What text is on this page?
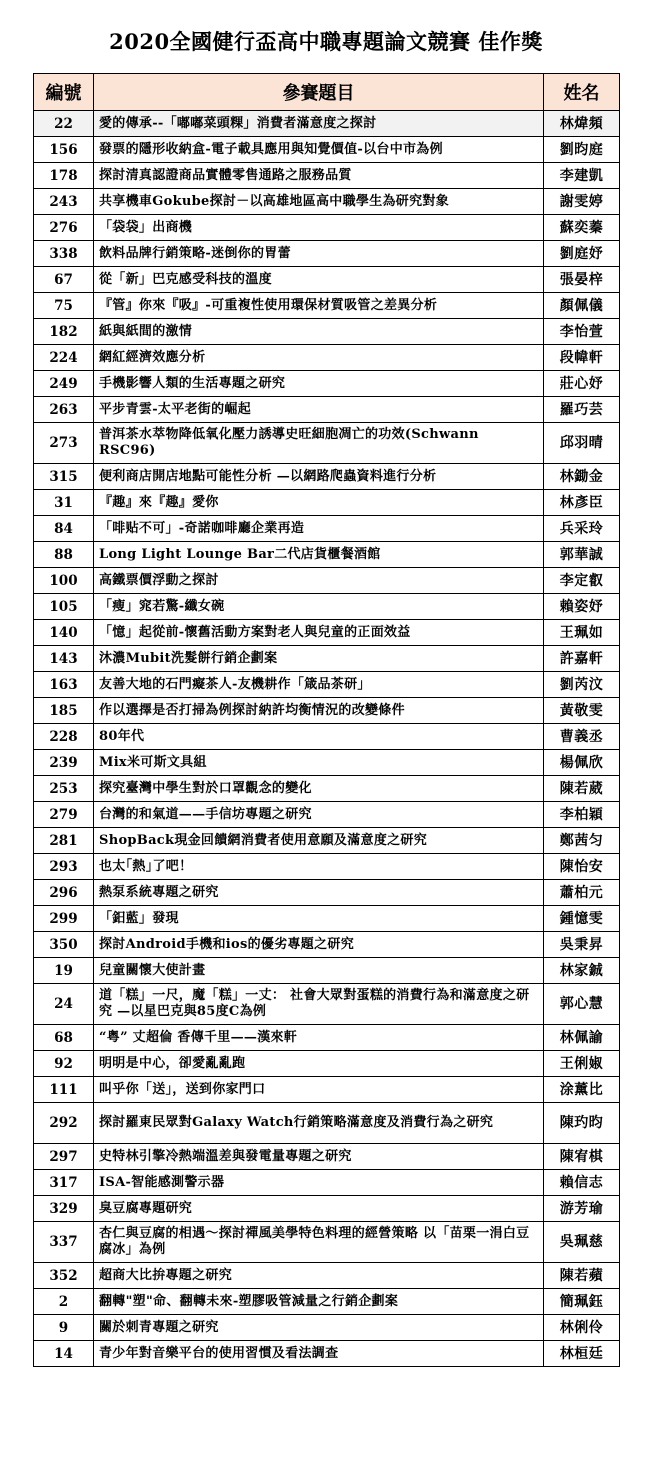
2020全國健行盃高中職專題論文競賽 佳作獎
編號	參賽題目	姓名
22	愛的傳承--「嘟嘟菜頭粿」消費者滿意度之探討	林煒頻
156	發票的隱形收納盒-電子載具應用與知覺價值-以台中市為例	劉昀庭
178	探討清真認證商品實體零售通路之服務品質	李建凱
243	共享機車Gokube探討－以高雄地區高中職學生為研究對象	謝雯婷
276	「袋袋」出商機	蘇奕蓁
338	飲料品牌行銷策略-迷倒你的胃蕾	劉庭妤
67	從「新」巴克感受科技的溫度	張晏梓
75	『管』你來『吸』-可重複性使用環保材質吸管之差異分析	顏佩儀
182	紙與紙間的激情	李怡萱
224	網紅經濟效應分析	段幃軒
249	手機影響人類的生活專題之研究	莊心妤
263	平步青雲-太平老街的崛起	羅巧芸
273	普洱茶水萃物降低氧化壓力誘導史旺細胞凋亡的功效(Schwann RSC96)	邱羽晴
315	便利商店開店地點可能性分析 —以網路爬蟲資料進行分析	林鋤金
31	『趣』來『趣』愛你	林彥臣
84	「啡贴不可」-奇諾咖啡廳企業再造	兵采玲
88	Long Light Lounge Bar二代店貨櫃餐酒館	郭華誠
100	高鐵票價浮動之探討	李定叡
105	「瘦」窕若驚-纖女碗	賴姿妤
140	「憶」起從前-懷舊活動方案對老人與兒童的正面效益	王珮如
143	沐濃Mubit洗髮餅行銷企劃案	許嘉軒
163	友善大地的石門癡茶人-友機耕作「箴品茶研」	劉芮汶
185	作以選擇是否打掃為例探討納許均衡情況的改變條件	黃敬雯
228	80年代	曹義丞
239	Mix米可斯文具組	楊佩欣
253	探究臺灣中學生對於口罩觀念的變化	陳若葳
279	台灣的和氣道——手信坊專題之研究	李柏穎
281	ShopBack現金回饋網消費者使用意願及滿意度之研究	鄭茜匀
293	也太｢熱｣了吧！	陳怡安
296	熱泵系統專題之研究	蕭柏元
299	「鈤藍」發現	鍾憶雯
350	探討Android手機和ios的優劣專題之研究	吳秉昇
19	兒童關懷大使計畫	林家鋮
24	道「糕」一尺，魔「糕」一丈： 社會大眾對蛋糕的消費行為和滿意度之研究 —以星巴克與85度C為例	郭心慧
68	“粤” 丈超倫 香傳千里——漢來軒	林佩諭
92	明明是中心，卻愛亂亂跑	王俐婌
111	叫乎你「送」，送到你家門口	涂薰比
292	探討羅東民眾對Galaxy Watch行銷策略滿意度及消費行為之研究	陳玓昀
297	史特林引擎冷熱端溫差與發電量專題之研究	陳宥棋
317	ISA-智能感測警示器	賴信志
329	臭豆腐專題研究	游芳瑜
337	杏仁與豆腐的相遇～探討禪風美學特色料理的經營策略 以「苗栗一涓白豆腐冰」為例	吳珮慈
352	超商大比拚專題之研究	陳若蘋
2	翻轉"塑"命、翻轉未來-塑膠吸管減量之行銷企劃案	簡珮鈺
9	關於刺青專題之研究	林俐伶
14	青少年對音樂平台的使用習慣及看法調查	林桓廷
